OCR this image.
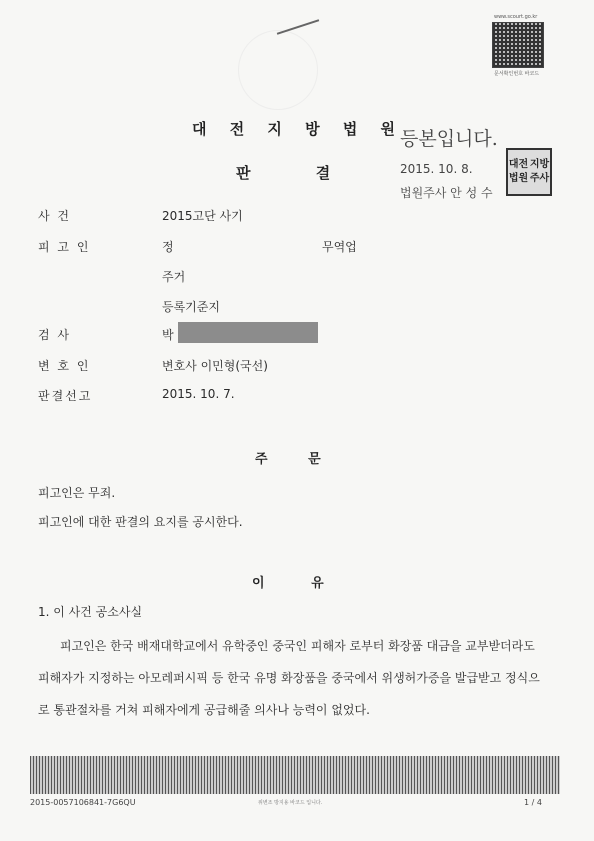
www.scourt.go.kr
문서확인번호 바코드
대 전 지 방 법 원
판 결
등본입니다.
2015. 10. 8.
법원주사 안 성 수
대전 지방
법원 주사
사 건	2015고단 사기
피 고 인	정	무역업
주거
등록기준지
검 사	박
변 호 인	변호사 이민형(국선)
판결선고	2015. 10. 7.
주 문
피고인은 무죄.
피고인에 대한 판결의 요지를 공시한다.
이 유
1. 이 사건 공소사실
피고인은 한국 배재대학교에서 유학중인 중국인 피해자 로부터 화장품 대금을 교부받더라도 피해자가 지정하는 아모레퍼시픽 등 한국 유명 화장품을 중국에서 위생허가증을 발급받고 정식으로 통관절차를 거쳐 피해자에게 공급해줄 의사나 능력이 없었다.
2015-0057106841-7G6QU	위변조 방지용 바코드 입니다.	1 / 4
